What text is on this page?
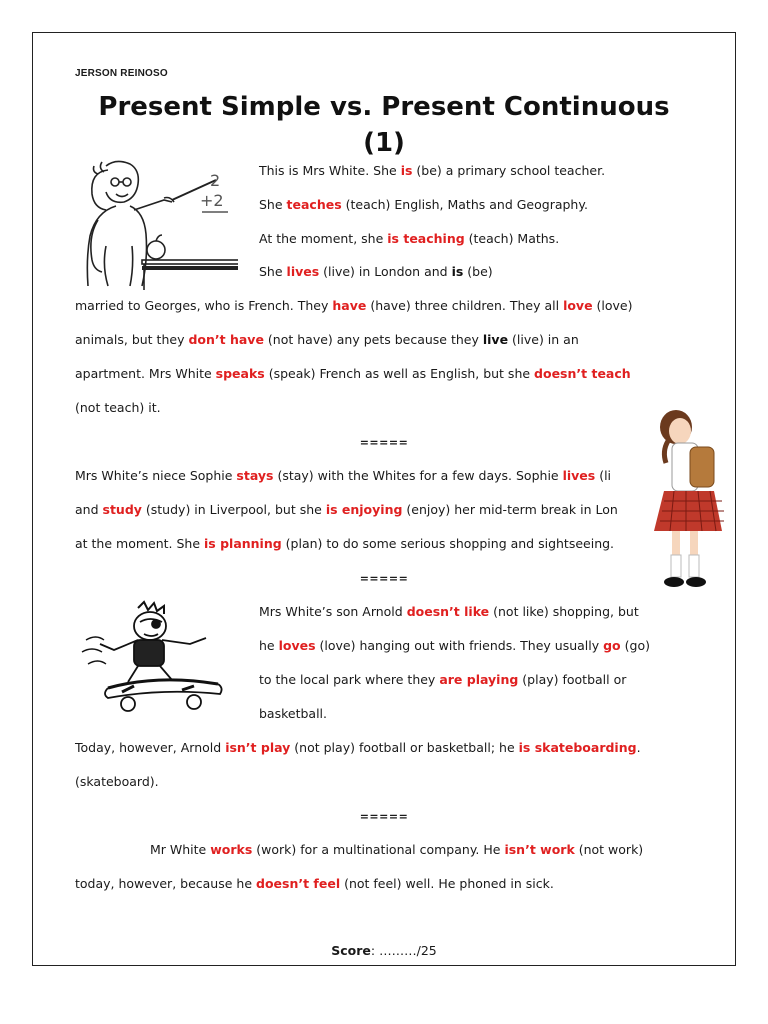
JERSON REINOSO
Present Simple vs. Present Continuous
(1)
2
+2
This is Mrs White. She is (be) a primary school teacher.
She teaches (teach) English, Maths and Geography.
At the moment, she is teaching (teach) Maths.
She lives (live) in London and is (be)
married to Georges, who is French. They have (have) three children. They all love (love)
animals, but they don’t have (not have) any pets because they live (live) in an
apartment. Mrs White speaks (speak) French as well as English, but she doesn’t teach
(not teach) it.
=====
Mrs White’s niece Sophie stays (stay) with the Whites for a few days. Sophie lives (li
and study (study) in Liverpool, but she is enjoying (enjoy) her mid-term break in Lon
at the moment. She is planning (plan) to do some serious shopping and sightseeing.
=====
Mrs White’s son Arnold doesn’t like (not like) shopping, but
he loves (love) hanging out with friends. They usually go (go)
to the local park where they are playing (play) football or
basketball.
Today, however, Arnold isn’t play (not play) football or basketball; he is skateboarding.
(skateboard).
=====
Mr White works (work) for a multinational company. He isn’t work (not work)
today, however, because he doesn’t feel (not feel) well. He phoned in sick.
Score: ………/25
